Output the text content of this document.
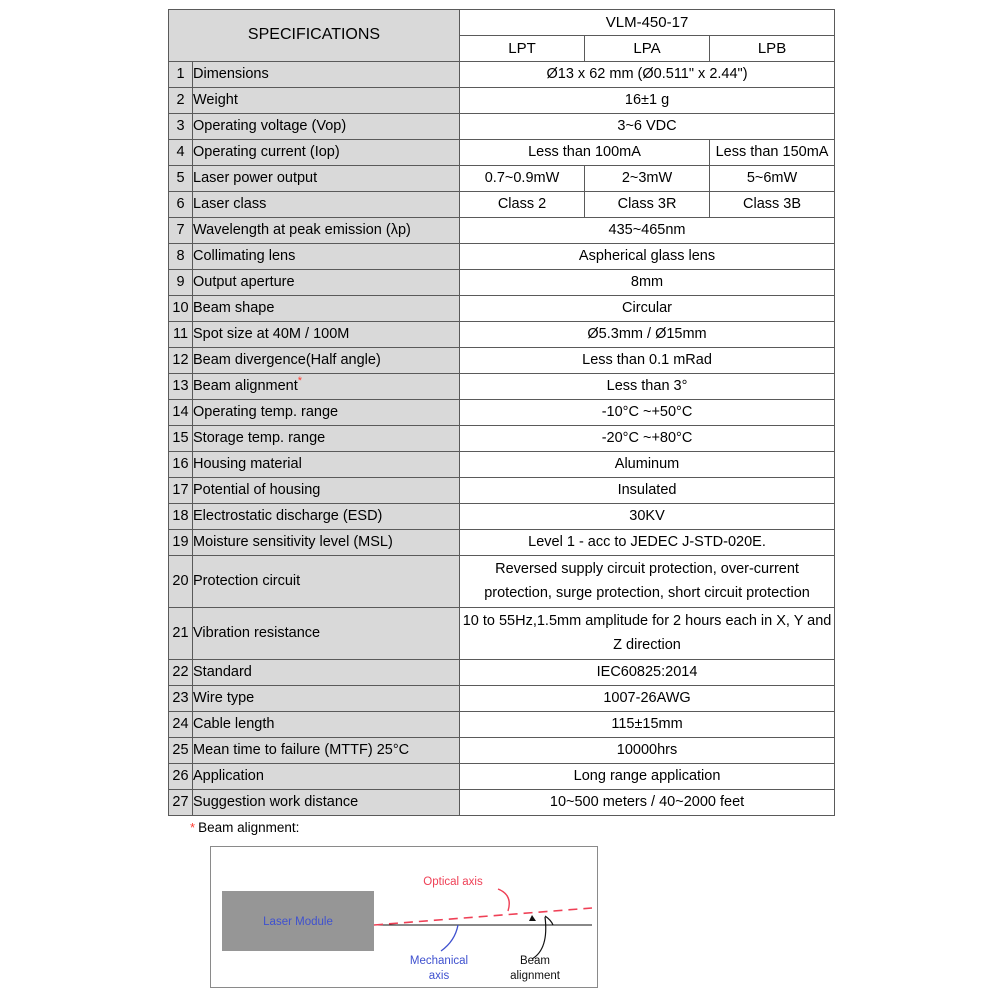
SPECIFICATIONS		VLM-450-17		
		LPT	LPA	LPB
1	Dimensions	Ø13 x 62 mm (Ø0.511" x 2.44")		
2	Weight	16±1 g		
3	Operating voltage (Vop)	3~6 VDC		
4	Operating current (Iop)	Less than 100mA		Less than 150mA
5	Laser power output	0.7~0.9mW	2~3mW	5~6mW
6	Laser class	Class 2	Class 3R	Class 3B
7	Wavelength at peak emission (λp)	435~465nm		
8	Collimating lens	Aspherical glass lens		
9	Output aperture	8mm		
10	Beam shape	Circular		
11	Spot size at 40M / 100M	Ø5.3mm / Ø15mm		
12	Beam divergence(Half angle)	Less than 0.1 mRad		
13	Beam alignment*	Less than 3°		
14	Operating temp. range	-10°C ~+50°C		
15	Storage temp. range	-20°C ~+80°C		
16	Housing material	Aluminum		
17	Potential of housing	Insulated		
18	Electrostatic discharge (ESD)	30KV		
19	Moisture sensitivity level (MSL)	Level 1 - acc to JEDEC J-STD-020E.		
20	Protection circuit	Reversed supply circuit protection, over-current protection, surge protection, short circuit protection		
21	Vibration resistance	10 to 55Hz,1.5mm amplitude for 2 hours each in X, Y and Z direction		
22	Standard	IEC60825:2014		
23	Wire type	1007-26AWG		
24	Cable length	115±15mm		
25	Mean time to failure (MTTF) 25°C	10000hrs		
26	Application	Long range application		
27	Suggestion work distance	10~500 meters / 40~2000 feet		
* Beam alignment:
Laser Module
Optical axis
Mechanical
axis
Beam
alignment
